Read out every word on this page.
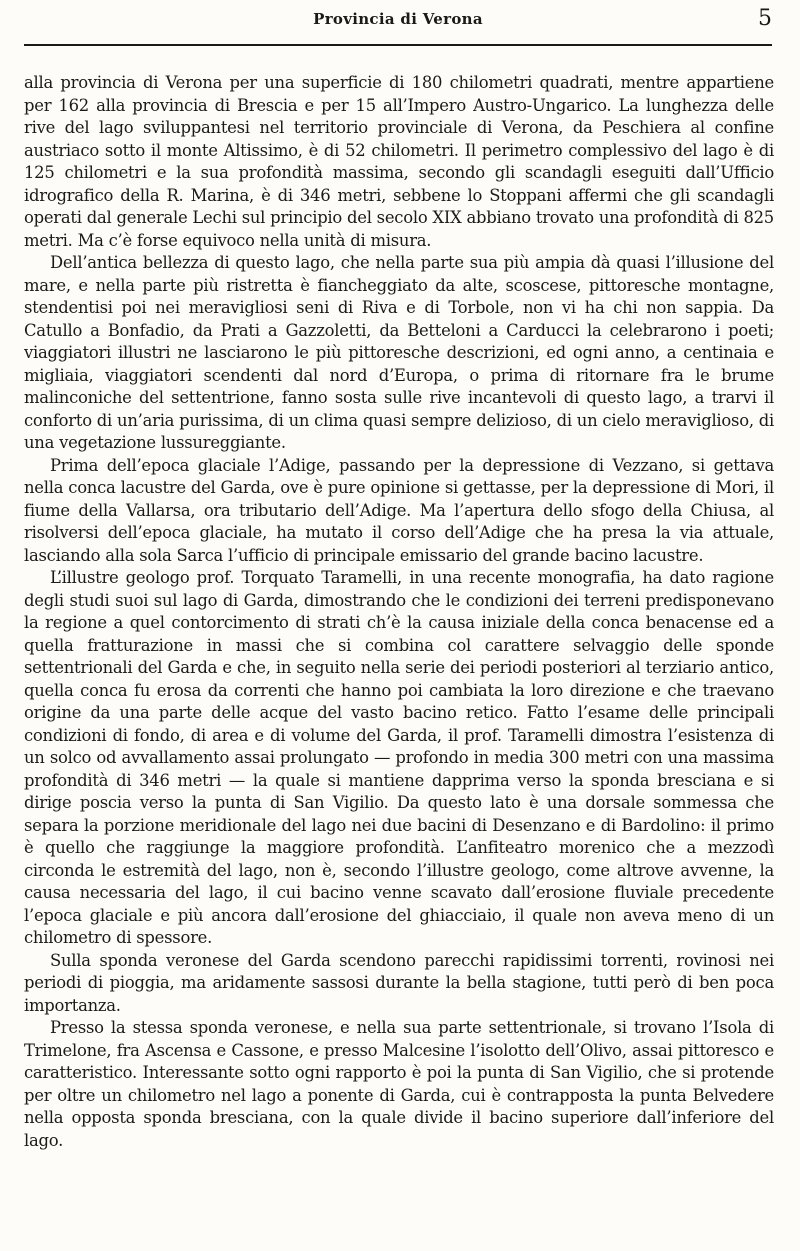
Provincia di Verona	5

alla provincia di Verona per una superficie di 180 chilometri quadrati, mentre appartiene per 162 alla provincia di Brescia e per 15 all’Impero Austro-Ungarico. La lunghezza delle rive del lago sviluppantesi nel territorio provinciale di Verona, da Peschiera al confine austriaco sotto il monte Altissimo, è di 52 chilometri. Il perimetro complessivo del lago è di 125 chilometri e la sua profondità massima, secondo gli scandagli eseguiti dall’Ufficio idrografico della R. Marina, è di 346 metri, sebbene lo Stoppani affermi che gli scandagli operati dal generale Lechi sul principio del secolo XIX abbiano trovato una profondità di 825 metri. Ma c’è forse equivoco nella unità di misura.

Dell’antica bellezza di questo lago, che nella parte sua più ampia dà quasi l’illusione del mare, e nella parte più ristretta è fiancheggiato da alte, scoscese, pittoresche montagne, stendentisi poi nei meravigliosi seni di Riva e di Torbole, non vi ha chi non sappia. Da Catullo a Bonfadio, da Prati a Gazzoletti, da Betteloni a Carducci la celebrarono i poeti; viaggiatori illustri ne lasciarono le più pittoresche descrizioni, ed ogni anno, a centinaia e migliaia, viaggiatori scendenti dal nord d’Europa, o prima di ritornare fra le brume malinconiche del settentrione, fanno sosta sulle rive incantevoli di questo lago, a trarvi il conforto di un’aria purissima, di un clima quasi sempre delizioso, di un cielo meraviglioso, di una vegetazione lussureggiante.

Prima dell’epoca glaciale l’Adige, passando per la depressione di Vezzano, si gettava nella conca lacustre del Garda, ove è pure opinione si gettasse, per la depressione di Mori, il fiume della Vallarsa, ora tributario dell’Adige. Ma l’apertura dello sfogo della Chiusa, al risolversi dell’epoca glaciale, ha mutato il corso dell’Adige che ha presa la via attuale, lasciando alla sola Sarca l’ufficio di principale emissario del grande bacino lacustre.

L’illustre geologo prof. Torquato Taramelli, in una recente monografia, ha dato ragione degli studi suoi sul lago di Garda, dimostrando che le condizioni dei terreni predisponevano la regione a quel contorcimento di strati ch’è la causa iniziale della conca benacense ed a quella fratturazione in massi che si combina col carattere selvaggio delle sponde settentrionali del Garda e che, in seguito nella serie dei periodi posteriori al terziario antico, quella conca fu erosa da correnti che hanno poi cambiata la loro direzione e che traevano origine da una parte delle acque del vasto bacino retico. Fatto l’esame delle principali condizioni di fondo, di area e di volume del Garda, il prof. Taramelli dimostra l’esistenza di un solco od avvallamento assai prolungato — profondo in media 300 metri con una massima profondità di 346 metri — la quale si mantiene dapprima verso la sponda bresciana e si dirige poscia verso la punta di San Vigilio. Da questo lato è una dorsale sommessa che separa la porzione meridionale del lago nei due bacini di Desenzano e di Bardolino: il primo è quello che raggiunge la maggiore profondità. L’anfiteatro morenico che a mezzodì circonda le estremità del lago, non è, secondo l’illustre geologo, come altrove avvenne, la causa necessaria del lago, il cui bacino venne scavato dall’erosione fluviale precedente l’epoca glaciale e più ancora dall’erosione del ghiacciaio, il quale non aveva meno di un chilometro di spessore.

Sulla sponda veronese del Garda scendono parecchi rapidissimi torrenti, rovinosi nei periodi di pioggia, ma aridamente sassosi durante la bella stagione, tutti però di ben poca importanza.

Presso la stessa sponda veronese, e nella sua parte settentrionale, si trovano l’Isola di Trimelone, fra Ascensa e Cassone, e presso Malcesine l’isolotto dell’Olivo, assai pittoresco e caratteristico. Interessante sotto ogni rapporto è poi la punta di San Vigilio, che si protende per oltre un chilometro nel lago a ponente di Garda, cui è contrapposta la punta Belvedere nella opposta sponda bresciana, con la quale divide il bacino superiore dall’inferiore del lago.
